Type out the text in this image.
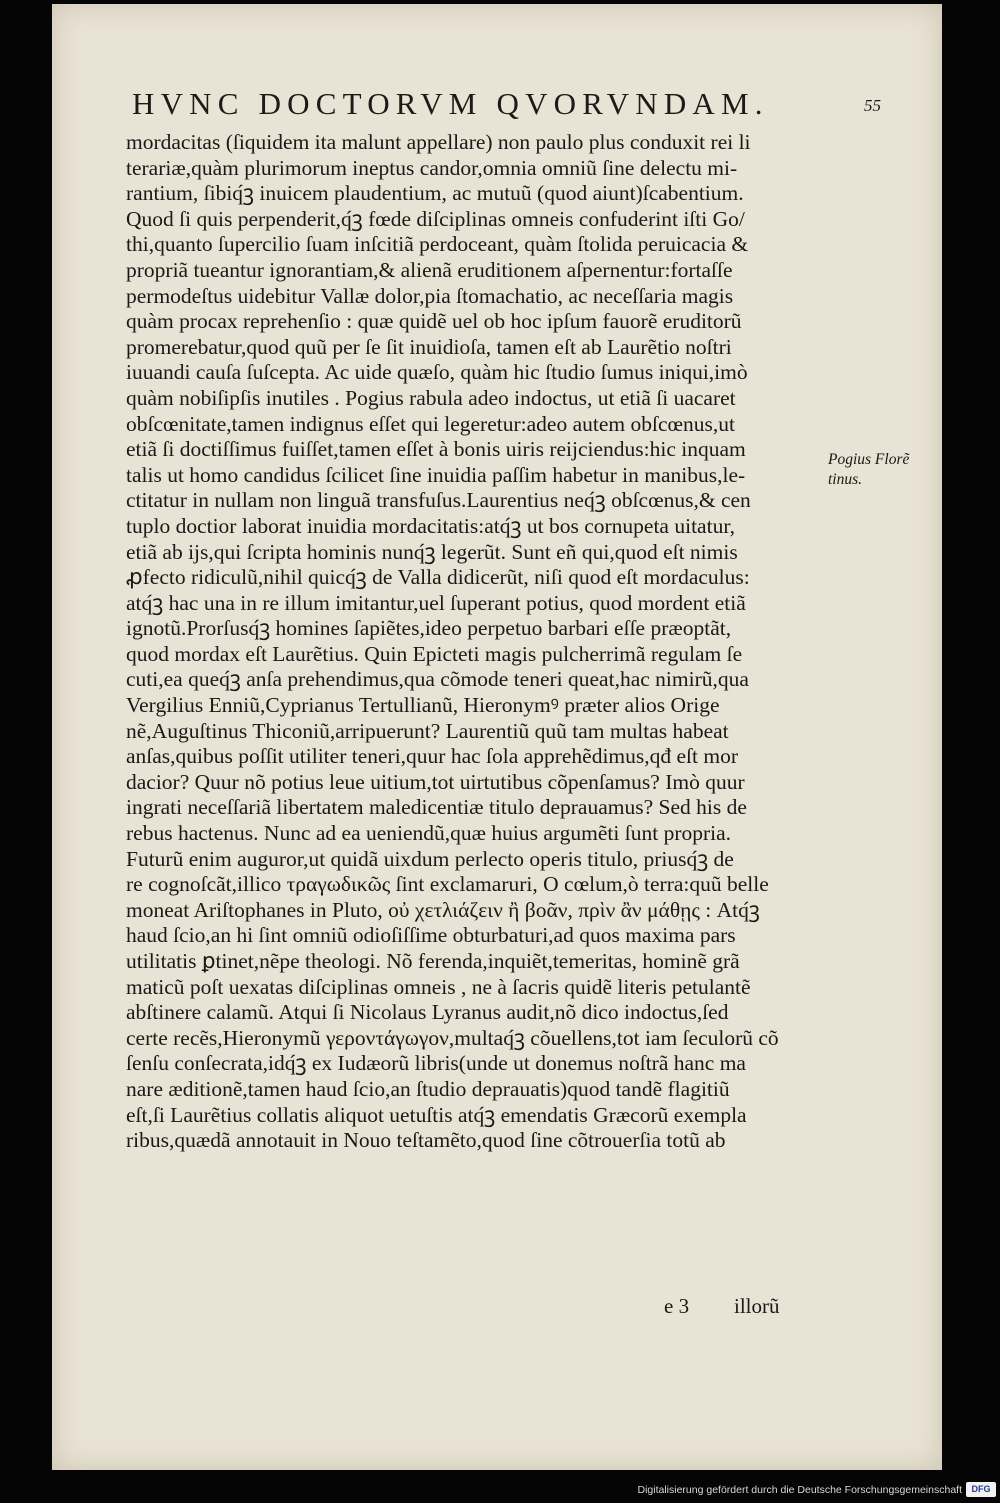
HVNC DOCTORVM QVORVNDAM.	55
mordacitas (ſiquidem ita malunt appellare) non paulo plus conduxit rei li
terariæ,quàm plurimorum ineptus candor,omnia omniũ ſine delectu mi-
rantium, ſibiq́ꝫ inuicem plaudentium, ac mutuũ (quod aiunt)ſcabentium.
Quod ſi quis perpenderit,q́ꝫ fœde diſciplinas omneis confuderint iſti Go/
thi,quanto ſupercilio ſuam inſcitiã perdoceant, quàm ſtolida peruicacia &
propriã tueantur ignorantiam,& alienã eruditionem aſpernentur:fortaſſe
permodeſtus uidebitur Vallæ dolor,pia ſtomachatio, ac neceſſaria magis
quàm procax reprehenſio : quæ quidẽ uel ob hoc ipſum fauorẽ eruditorũ
promerebatur,quod quũ per ſe ſit inuidioſa, tamen eſt ab Laurẽtio noſtri
iuuandi cauſa ſuſcepta. Ac uide quæſo, quàm hic ſtudio ſumus iniqui,imò
quàm nobiſipſis inutiles . Pogius rabula adeo indoctus, ut etiã ſi uacaret
obſcœnitate,tamen indignus eſſet qui legeretur:adeo autem obſcœnus,ut
etiã ſi doctiſſimus fuiſſet,tamen eſſet à bonis uiris reijciendus:hic inquam
talis ut homo candidus ſcilicet ſine inuidia paſſim habetur in manibus,le-
ctitatur in nullam non linguã transfuſus.Laurentius neq́ꝫ obſcœnus,& cen
tuplo doctior laborat inuidia mordacitatis:atq́ꝫ ut bos cornupeta uitatur,
etiã ab ijs,qui ſcripta hominis nunq́ꝫ legerũt. Sunt eñ qui,quod eſt nimis
ꝓfecto ridiculũ,nihil quicq́ꝫ de Valla didicerũt, niſi quod eſt mordaculus:
atq́ꝫ hac una in re illum imitantur,uel ſuperant potius, quod mordent etiã
ignotũ.Prorſusq́ꝫ homines ſapiẽtes,ideo perpetuo barbari eſſe præoptãt,
quod mordax eſt Laurẽtius. Quin Epicteti magis pulcherrimã regulam ſe
cuti,ea queq́ꝫ anſa prehendimus,qua cõmode teneri queat,hac nimirũ,qua
Vergilius Enniũ,Cyprianus Tertullianũ, Hieronymꝰ præter alios Orige
nẽ,Auguſtinus Thiconiũ,arripuerunt? Laurentiũ quũ tam multas habeat
anſas,quibus poſſit utiliter teneri,quur hac ſola apprehẽdimus,qđ eſt mor
dacior? Quur nõ potius leue uitium,tot uirtutibus cõpenſamus? Imò quur
ingrati neceſſariã libertatem maledicentiæ titulo deprauamus? Sed his de
rebus hactenus. Nunc ad ea ueniendũ,quæ huius argumẽti ſunt propria.
Futurũ enim auguror,ut quidã uixdum perlecto operis titulo, priusq́ꝫ de
re cognoſcãt,illico τραγωδικῶς ſint exclamaruri, O cœlum,ò terra:quũ belle
moneat Ariſtophanes in Pluto, οὐ χετλιάζειν ἢ βοᾶν, πρὶν ἂν μάθῃς : Atq́ꝫ
haud ſcio,an hi ſint omniũ odioſiſſime obturbaturi,ad quos maxima pars
utilitatis ꝑtinet,nẽpe theologi. Nõ ferenda,inquiẽt,temeritas, hominẽ grã
maticũ poſt uexatas diſciplinas omneis , ne à ſacris quidẽ literis petulantẽ
abſtinere calamũ. Atqui ſi Nicolaus Lyranus audit,nõ dico indoctus,ſed
certe recẽs,Hieronymũ γεροντάγωγον,multaq́ꝫ cõuellens,tot iam ſeculorũ cõ
ſenſu conſecrata,idq́ꝫ ex Iudæorũ libris(unde ut donemus noſtrã hanc ma
nare æditionẽ,tamen haud ſcio,an ſtudio deprauatis)quod tandẽ flagitiũ
eſt,ſi Laurẽtius collatis aliquot uetuſtis atq́ꝫ emendatis Græcorũ exempla
ribus,quædã annotauit in Nouo teſtamẽto,quod ſine cõtrouerſia totũ ab
Pogius Florẽ
tinus.
e 3 illorũ
Digitalisierung gefördert durch die Deutsche Forschungsgemeinschaft	DFG
